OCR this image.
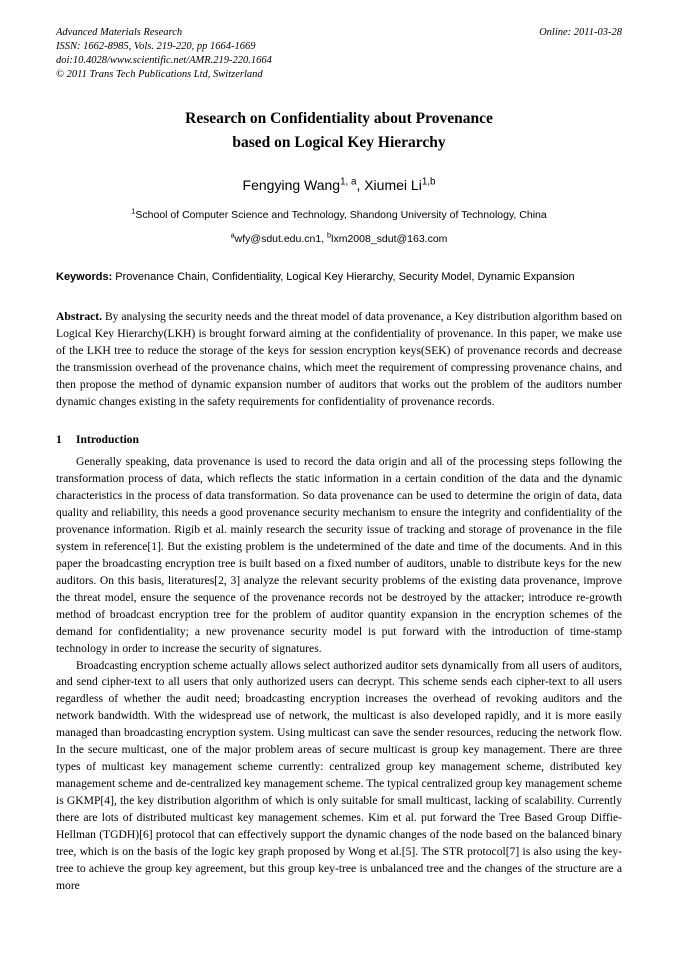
Advanced Materials Research
ISSN: 1662-8985, Vols. 219-220, pp 1664-1669
doi:10.4028/www.scientific.net/AMR.219-220.1664
© 2011 Trans Tech Publications Ltd, Switzerland
Online: 2011-03-28
Research on Confidentiality about Provenance
based on Logical Key Hierarchy
Fengying Wang$^{1, a}$, Xiumei Li$^{1,b}$
$^1$School of Computer Science and Technology, Shandong University of Technology, China
$^a$wfy@sdut.edu.cn1, $^b$lxm2008_sdut@163.com
Keywords: Provenance Chain, Confidentiality, Logical Key Hierarchy, Security Model, Dynamic Expansion
Abstract. By analysing the security needs and the threat model of data provenance, a Key distribution algorithm based on Logical Key Hierarchy(LKH) is brought forward aiming at the confidentiality of provenance. In this paper, we make use of the LKH tree to reduce the storage of the keys for session encryption keys(SEK) of provenance records and decrease the transmission overhead of the provenance chains, which meet the requirement of compressing provenance chains, and then propose the method of dynamic expansion number of auditors that works out the problem of the auditors number dynamic changes existing in the safety requirements for confidentiality of provenance records.
1 Introduction
Generally speaking, data provenance is used to record the data origin and all of the processing steps following the transformation process of data, which reflects the static information in a certain condition of the data and the dynamic characteristics in the process of data transformation. So data provenance can be used to determine the origin of data, data quality and reliability, this needs a good provenance security mechanism to ensure the integrity and confidentiality of the provenance information. Rigib et al. mainly research the security issue of tracking and storage of provenance in the file system in reference[1]. But the existing problem is the undetermined of the date and time of the documents. And in this paper the broadcasting encryption tree is built based on a fixed number of auditors, unable to distribute keys for the new auditors. On this basis, literatures[2, 3] analyze the relevant security problems of the existing data provenance, improve the threat model, ensure the sequence of the provenance records not be destroyed by the attacker; introduce re-growth method of broadcast encryption tree for the problem of auditor quantity expansion in the encryption schemes of the demand for confidentiality; a new provenance security model is put forward with the introduction of time-stamp technology in order to increase the security of signatures.
Broadcasting encryption scheme actually allows select authorized auditor sets dynamically from all users of auditors, and send cipher-text to all users that only authorized users can decrypt. This scheme sends each cipher-text to all users regardless of whether the audit need; broadcasting encryption increases the overhead of revoking auditors and the network bandwidth. With the widespread use of network, the multicast is also developed rapidly, and it is more easily managed than broadcasting encryption system. Using multicast can save the sender resources, reducing the network flow. In the secure multicast, one of the major problem areas of secure multicast is group key management. There are three types of multicast key management scheme currently: centralized group key management scheme, distributed key management scheme and de-centralized key management scheme. The typical centralized group key management scheme is GKMP[4], the key distribution algorithm of which is only suitable for small multicast, lacking of scalability. Currently there are lots of distributed multicast key management schemes. Kim et al. put forward the Tree Based Group Diffie-Hellman (TGDH)[6] protocol that can effectively support the dynamic changes of the node based on the balanced binary tree, which is on the basis of the logic key graph proposed by Wong et al.[5]. The STR protocol[7] is also using the key-tree to achieve the group key agreement, but this group key-tree is unbalanced tree and the changes of the structure are a more
